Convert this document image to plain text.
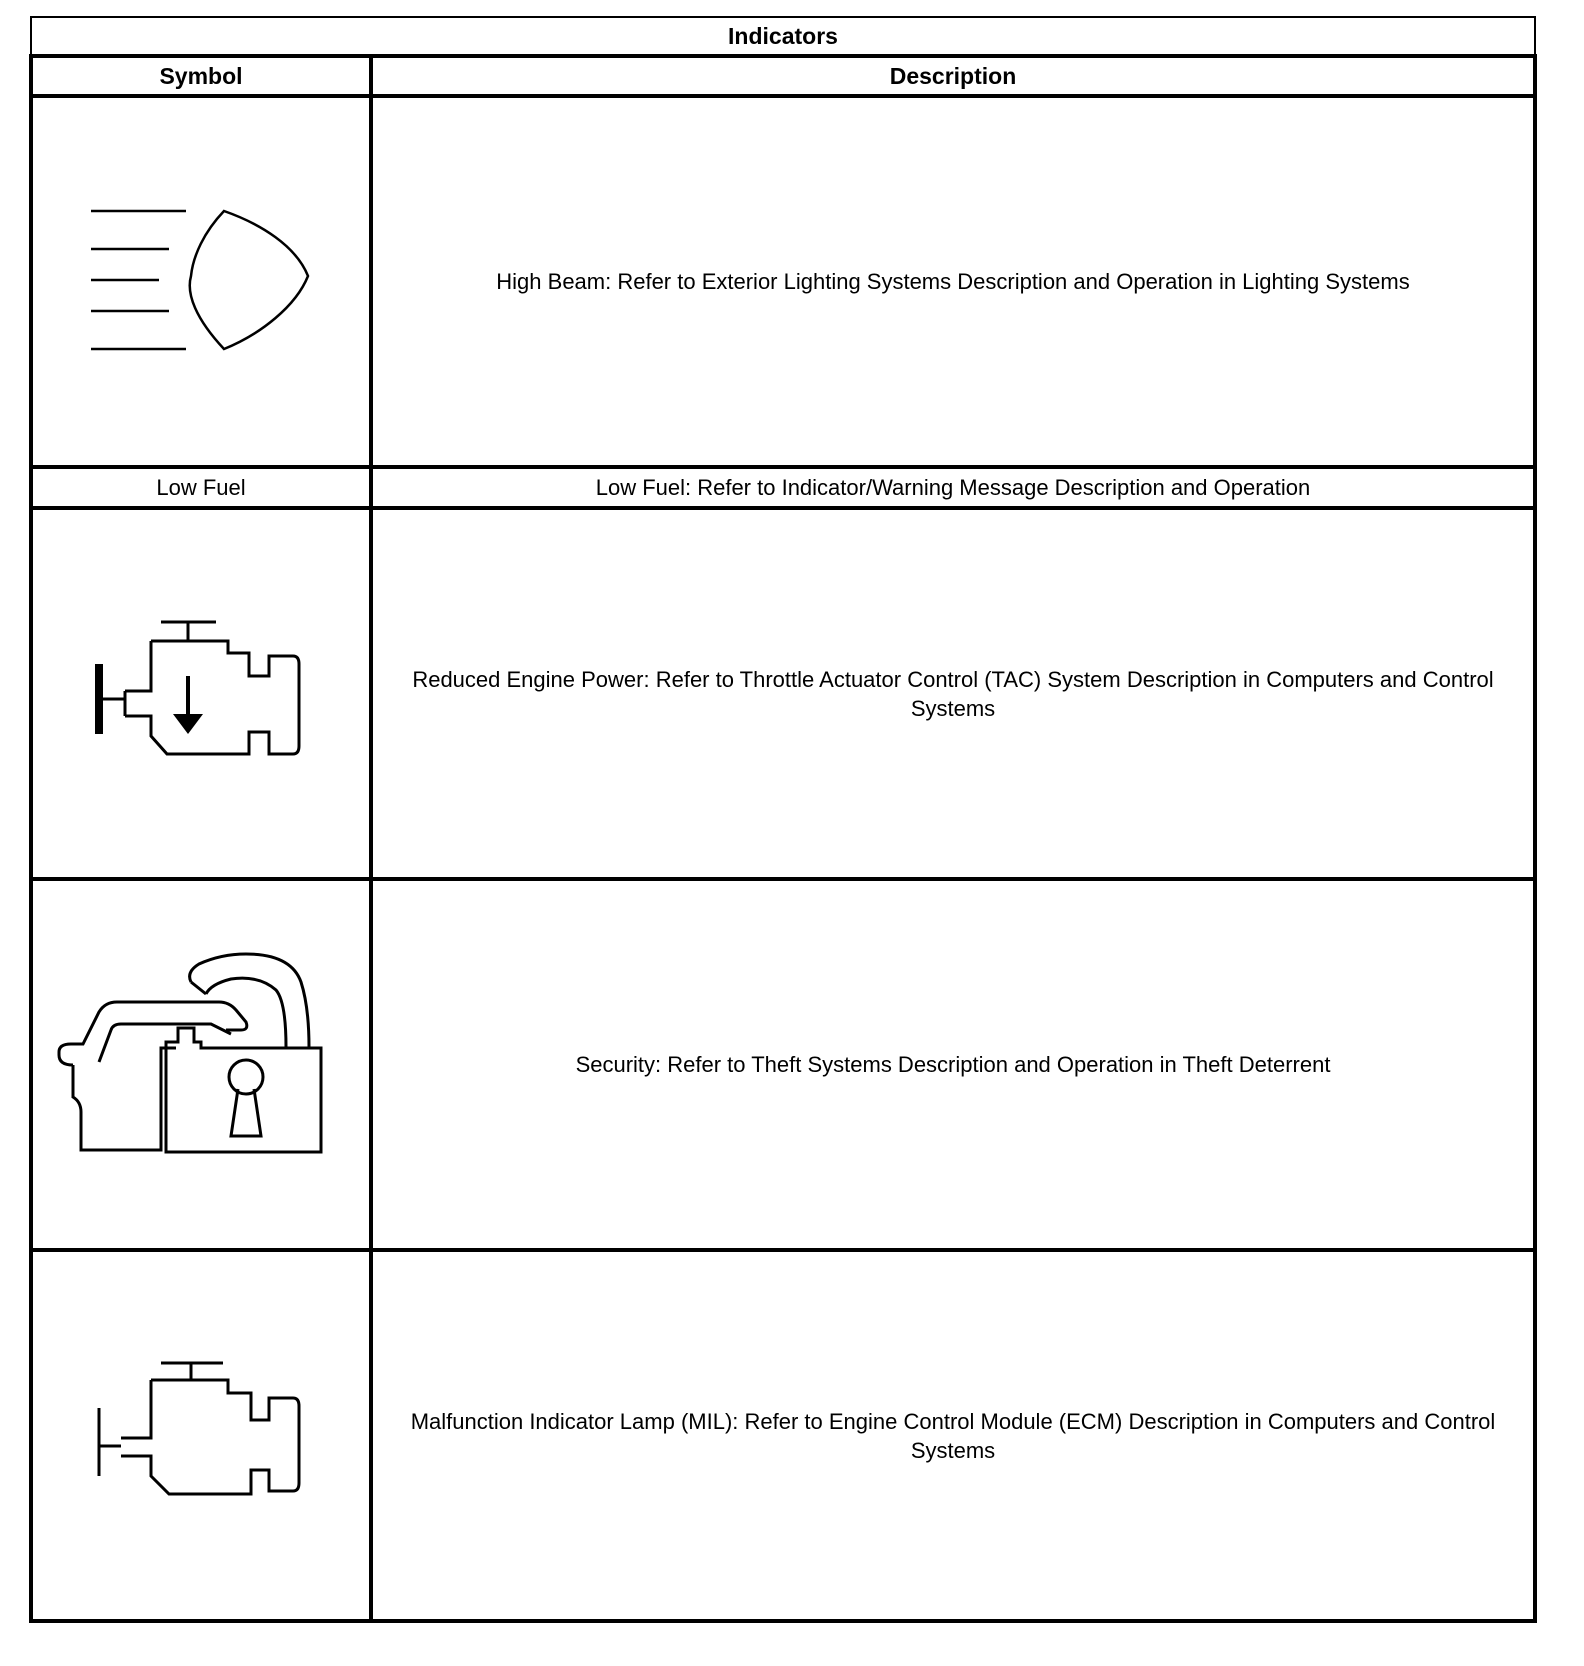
Indicators	
Symbol	Description
	High Beam: Refer to Exterior Lighting Systems Description and Operation in Lighting Systems
Low Fuel	Low Fuel: Refer to Indicator/Warning Message Description and Operation
	Reduced Engine Power: Refer to Throttle Actuator Control (TAC) System Description in Computers and Control Systems
	Security: Refer to Theft Systems Description and Operation in Theft Deterrent
	Malfunction Indicator Lamp (MIL): Refer to Engine Control Module (ECM) Description in Computers and Control Systems
